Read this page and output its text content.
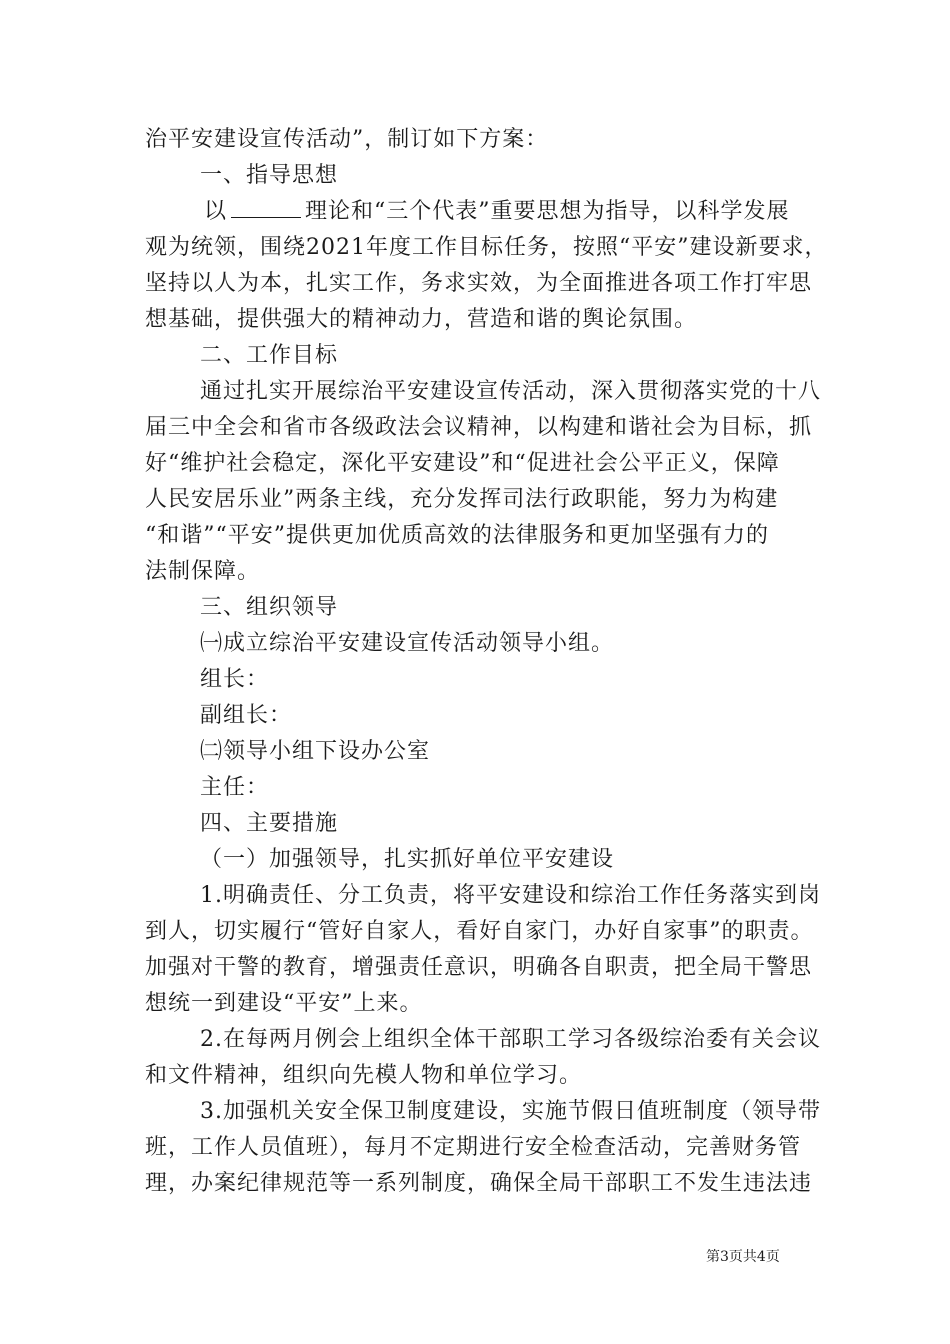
治平安建设宣传活动”，制订如下方案：
一、指导思想
以	理论和“三个代表”重要思想为指导，以科学发展
观为统领，围绕2021年度工作目标任务，按照“平安”建设新要求，
坚持以人为本，扎实工作，务求实效，为全面推进各项工作打牢思
想基础，提供强大的精神动力，营造和谐的舆论氛围。
二、工作目标
通过扎实开展综治平安建设宣传活动，深入贯彻落实党的十八
届三中全会和省市各级政法会议精神，以构建和谐社会为目标，抓
好“维护社会稳定，深化平安建设”和“促进社会公平正义，保障
人民安居乐业”两条主线，充分发挥司法行政职能，努力为构建
“和谐”“平安”提供更加优质高效的法律服务和更加坚强有力的
法制保障。
三、组织领导
㈠成立综治平安建设宣传活动领导小组。
组长：
副组长：
㈡领导小组下设办公室
主任：
四、主要措施
（一）加强领导，扎实抓好单位平安建设
1.明确责任、分工负责，将平安建设和综治工作任务落实到岗
到人，切实履行“管好自家人，看好自家门，办好自家事”的职责。
加强对干警的教育，增强责任意识，明确各自职责，把全局干警思
想统一到建设“平安”上来。
2.在每两月例会上组织全体干部职工学习各级综治委有关会议
和文件精神，组织向先模人物和单位学习。
3.加强机关安全保卫制度建设，实施节假日值班制度（领导带
班，工作人员值班），每月不定期进行安全检查活动，完善财务管
理，办案纪律规范等一系列制度，确保全局干部职工不发生违法违
第3页共4页
